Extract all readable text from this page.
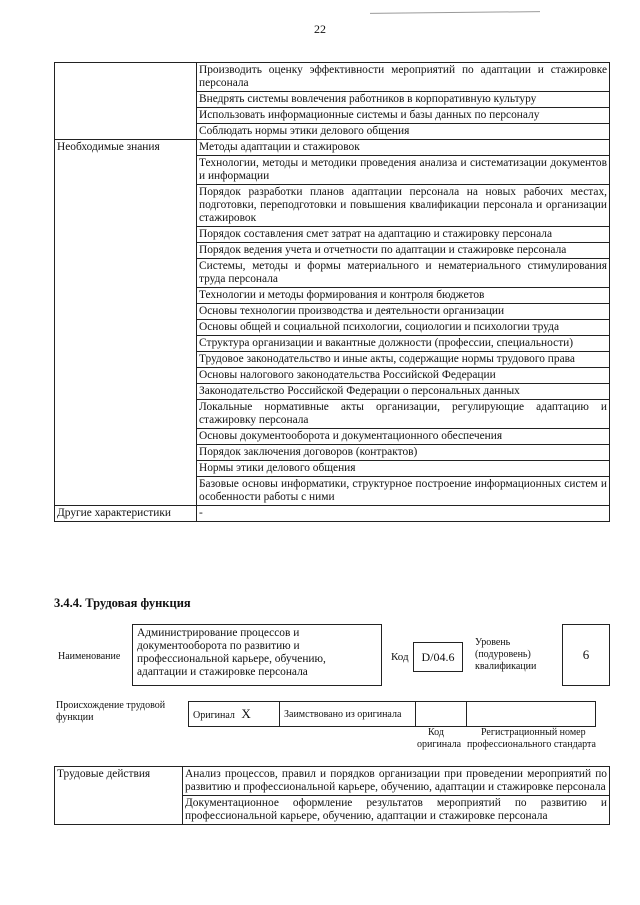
22
	Производить оценку эффективности мероприятий по адаптации и стажировке персонала
	Внедрять системы вовлечения работников в корпоративную культуру
	Использовать информационные системы и базы данных по персоналу
	Соблюдать нормы этики делового общения
Необходимые знания	Методы адаптации и стажировок
	Технологии, методы и методики проведения анализа и систематизации документов и информации
	Порядок разработки планов адаптации персонала на новых рабочих местах, подготовки, переподготовки и повышения квалификации персонала и организации стажировок
	Порядок составления смет затрат на адаптацию и стажировку персонала
	Порядок ведения учета и отчетности по адаптации и стажировке персонала
	Системы, методы и формы материального и нематериального стимулирования труда персонала
	Технологии и методы формирования и контроля бюджетов
	Основы технологии производства и деятельности организации
	Основы общей и социальной психологии, социологии и психологии труда
	Структура организации и вакантные должности (профессии, специальности)
	Трудовое законодательство и иные акты, содержащие нормы трудового права
	Основы налогового законодательства Российской Федерации
	Законодательство Российской Федерации о персональных данных
	Локальные нормативные акты организации, регулирующие адаптацию и стажировку персонала
	Основы документооборота и документационного обеспечения
	Порядок заключения договоров (контрактов)
	Нормы этики делового общения
	Базовые основы информатики, структурное построение информационных систем и особенности работы с ними
Другие характеристики	-
3.4.4. Трудовая функция
Наименование
Администрирование процессов и документооборота по развитию и профессиональной карьере, обучению, адаптации и стажировке персонала
Код	D/04.6
Уровень
(подуровень)
квалификации
6
Происхождение трудовой
функции	Оригинал X	Заимствовано из оригинала		
Код
оригинала
Регистрационный номер
профессионального стандарта
Трудовые действия	Анализ процессов, правил и порядков организации при проведении мероприятий по развитию и профессиональной карьере, обучению, адаптации и стажировке персонала
	Документационное оформление результатов мероприятий по развитию и профессиональной карьере, обучению, адаптации и стажировке персонала
